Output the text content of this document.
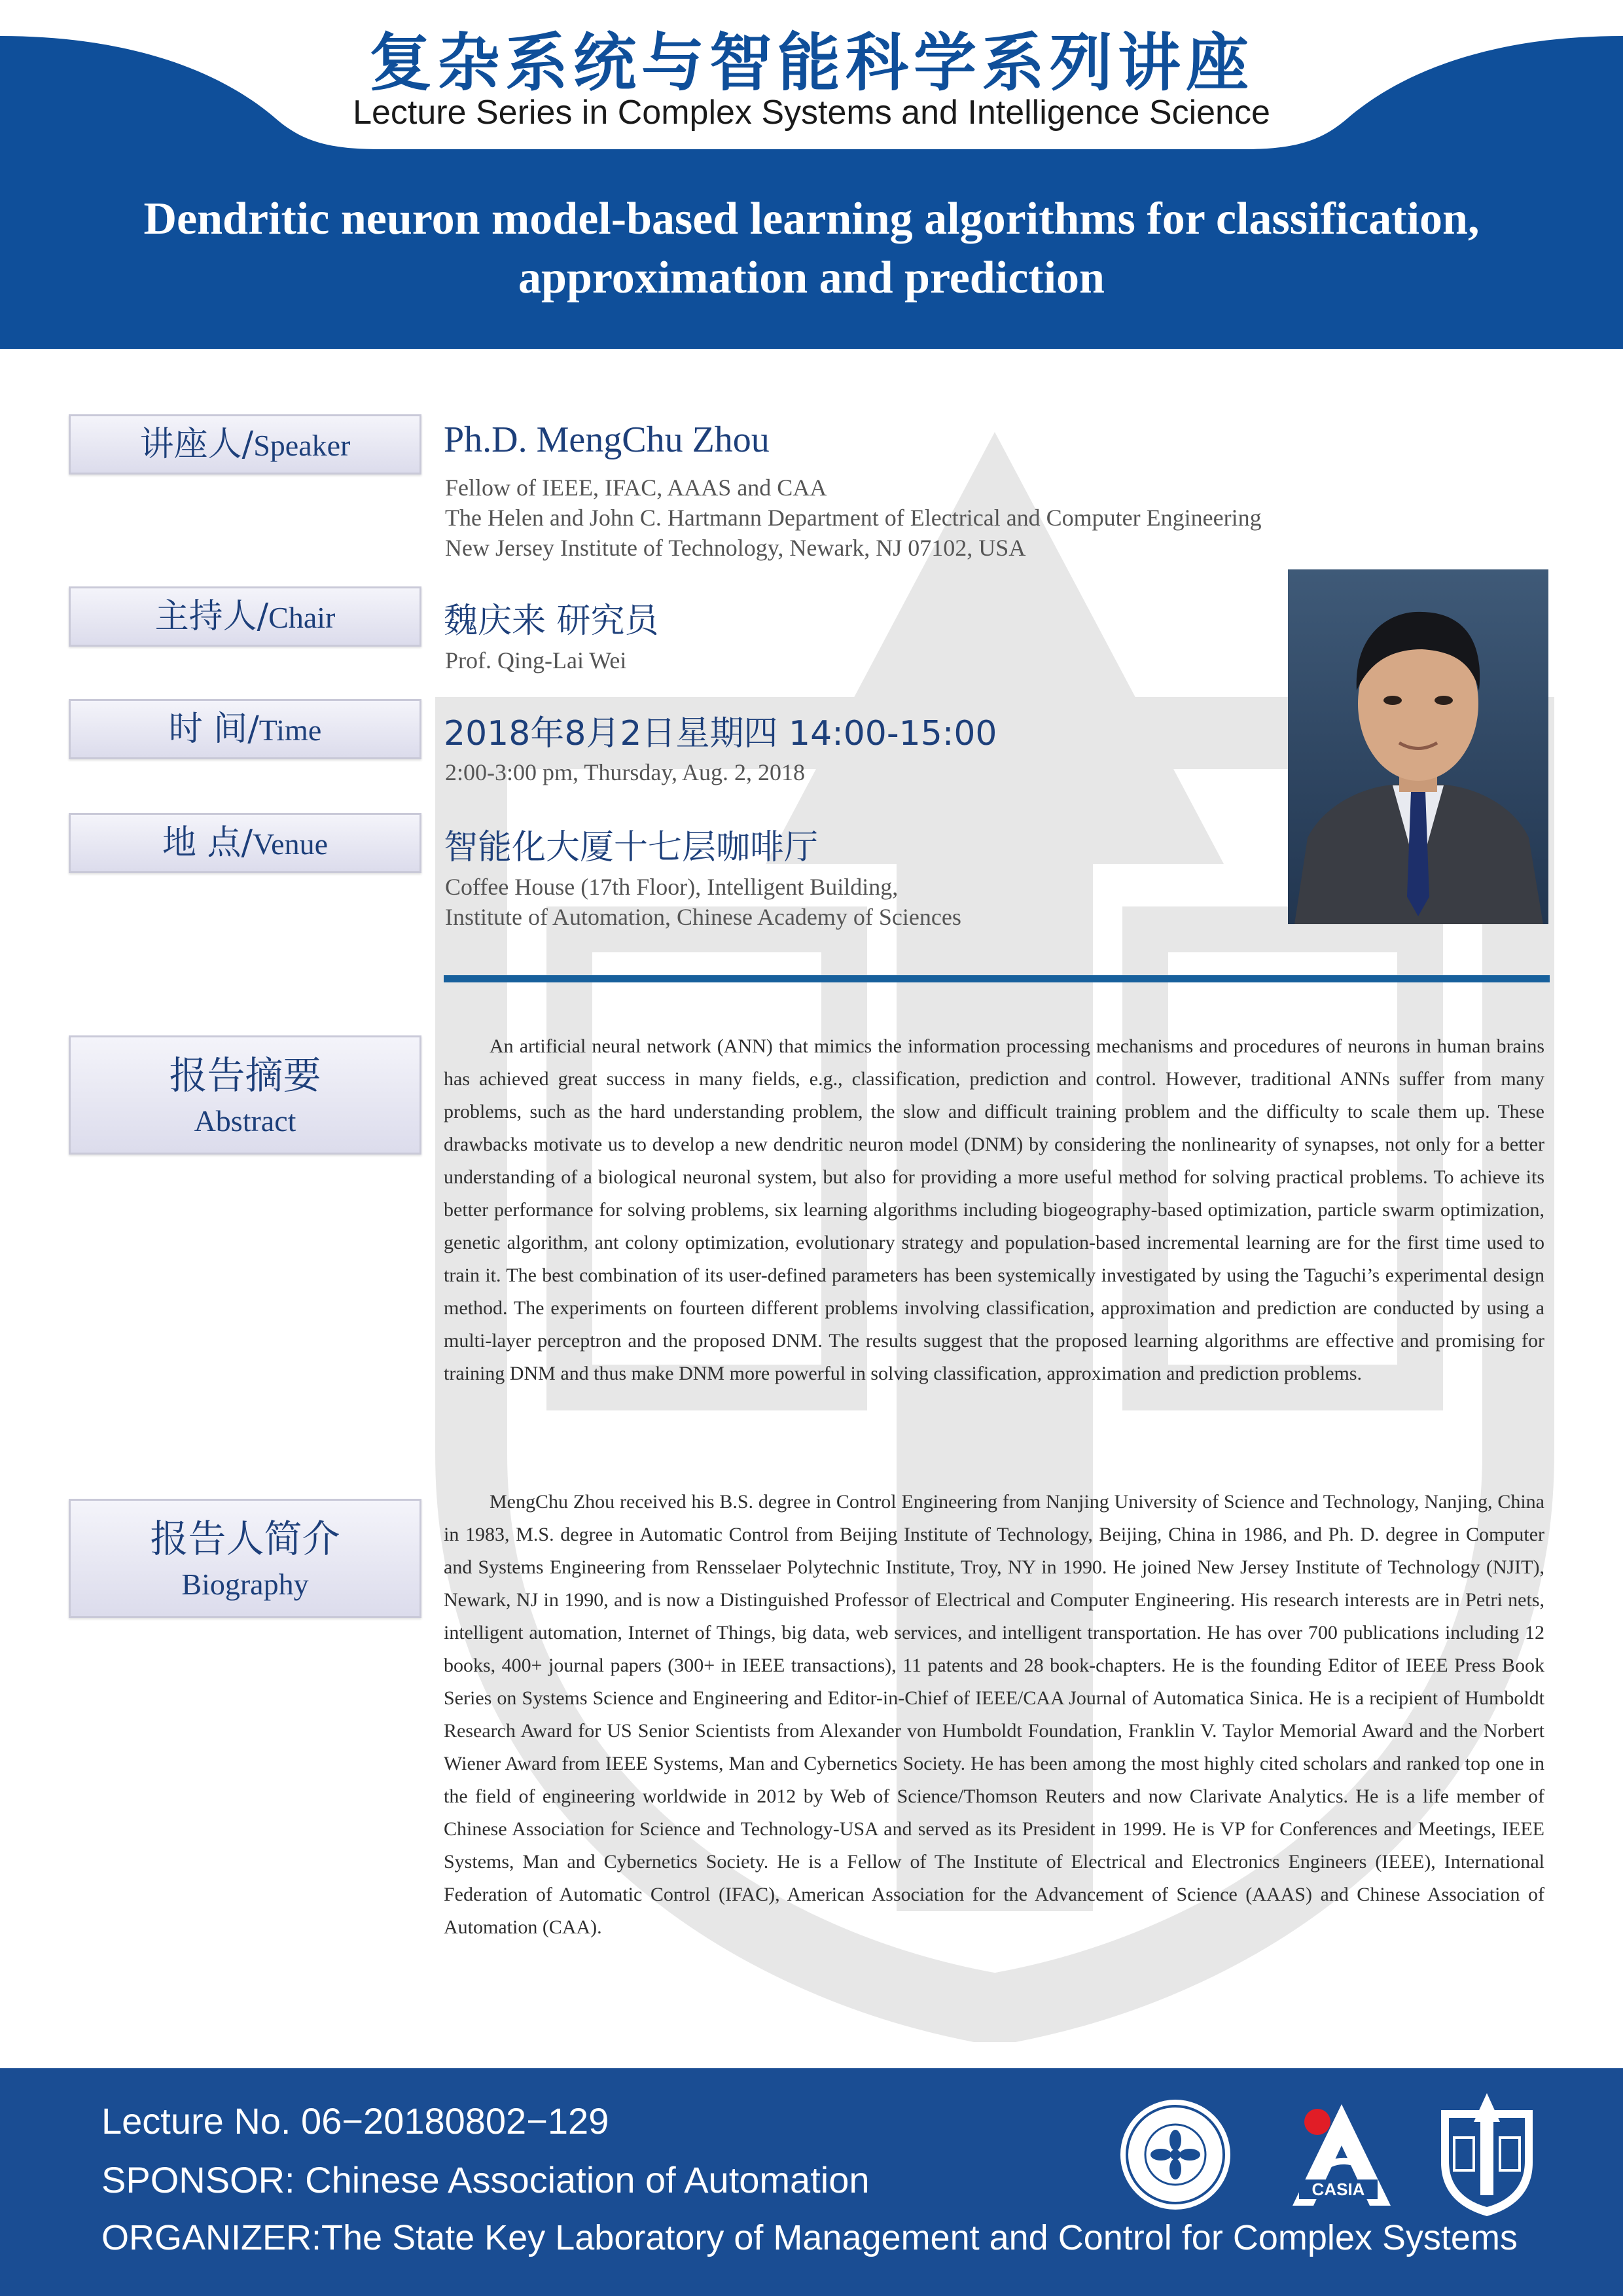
复杂系统与智能科学系列讲座
Lecture Series in Complex Systems and Intelligence Science
Dendritic neuron model-based learning algorithms for classification,
approximation and prediction
讲座人/Speaker	Ph.D. MengChu Zhou
Fellow of IEEE, IFAC, AAAS and CAA
The Helen and John C. Hartmann Department of Electrical and Computer Engineering
New Jersey Institute of Technology, Newark, NJ 07102, USA
主持人/Chair	魏庆来 研究员
Prof. Qing-Lai Wei
时 间/Time	2018年8月2日星期四 14:00-15:00
2:00-3:00 pm, Thursday, Aug. 2, 2018
地 点/Venue	智能化大厦十七层咖啡厅
Coffee House (17th Floor), Intelligent Building,
Institute of Automation, Chinese Academy of Sciences
报告摘要
Abstract
An artificial neural network (ANN) that mimics the information processing mechanisms and procedures of neurons in human brains has achieved great success in many fields, e.g., classification, prediction and control. However, traditional ANNs suffer from many problems, such as the hard understanding problem, the slow and difficult training problem and the difficulty to scale them up. These drawbacks motivate us to develop a new dendritic neuron model (DNM) by considering the nonlinearity of synapses, not only for a better understanding of a biological neuronal system, but also for providing a more useful method for solving practical problems. To achieve its better performance for solving problems, six learning algorithms including biogeography-based optimization, particle swarm optimization, genetic algorithm, ant colony optimization, evolutionary strategy and population-based incremental learning are for the first time used to train it. The best combination of its user-defined parameters has been systemically investigated by using the Taguchi’s experimental design method. The experiments on fourteen different problems involving classification, approximation and prediction are conducted by using a multi-layer perceptron and the proposed DNM. The results suggest that the proposed learning algorithms are effective and promising for training DNM and thus make DNM more powerful in solving classification, approximation and prediction problems.
报告人简介
Biography
MengChu Zhou received his B.S. degree in Control Engineering from Nanjing University of Science and Technology, Nanjing, China in 1983, M.S. degree in Automatic Control from Beijing Institute of Technology, Beijing, China in 1986, and Ph. D. degree in Computer and Systems Engineering from Rensselaer Polytechnic Institute, Troy, NY in 1990. He joined New Jersey Institute of Technology (NJIT), Newark, NJ in 1990, and is now a Distinguished Professor of Electrical and Computer Engineering. His research interests are in Petri nets, intelligent automation, Internet of Things, big data, web services, and intelligent transportation. He has over 700 publications including 12 books, 400+ journal papers (300+ in IEEE transactions), 11 patents and 28 book-chapters. He is the founding Editor of IEEE Press Book Series on Systems Science and Engineering and Editor-in-Chief of IEEE/CAA Journal of Automatica Sinica. He is a recipient of Humboldt Research Award for US Senior Scientists from Alexander von Humboldt Foundation, Franklin V. Taylor Memorial Award and the Norbert Wiener Award from IEEE Systems, Man and Cybernetics Society. He has been among the most highly cited scholars and ranked top one in the field of engineering worldwide in 2012 by Web of Science/Thomson Reuters and now Clarivate Analytics. He is a life member of Chinese Association for Science and Technology-USA and served as its President in 1999. He is VP for Conferences and Meetings, IEEE Systems, Man and Cybernetics Society. He is a Fellow of The Institute of Electrical and Electronics Engineers (IEEE), International Federation of Automatic Control (IFAC), American Association for the Advancement of Science (AAAS) and Chinese Association of Automation (CAA).
Lecture No. 06−20180802−129
SPONSOR: Chinese Association of Automation
ORGANIZER:The State Key Laboratory of Management and Control for Complex Systems
CASIA
